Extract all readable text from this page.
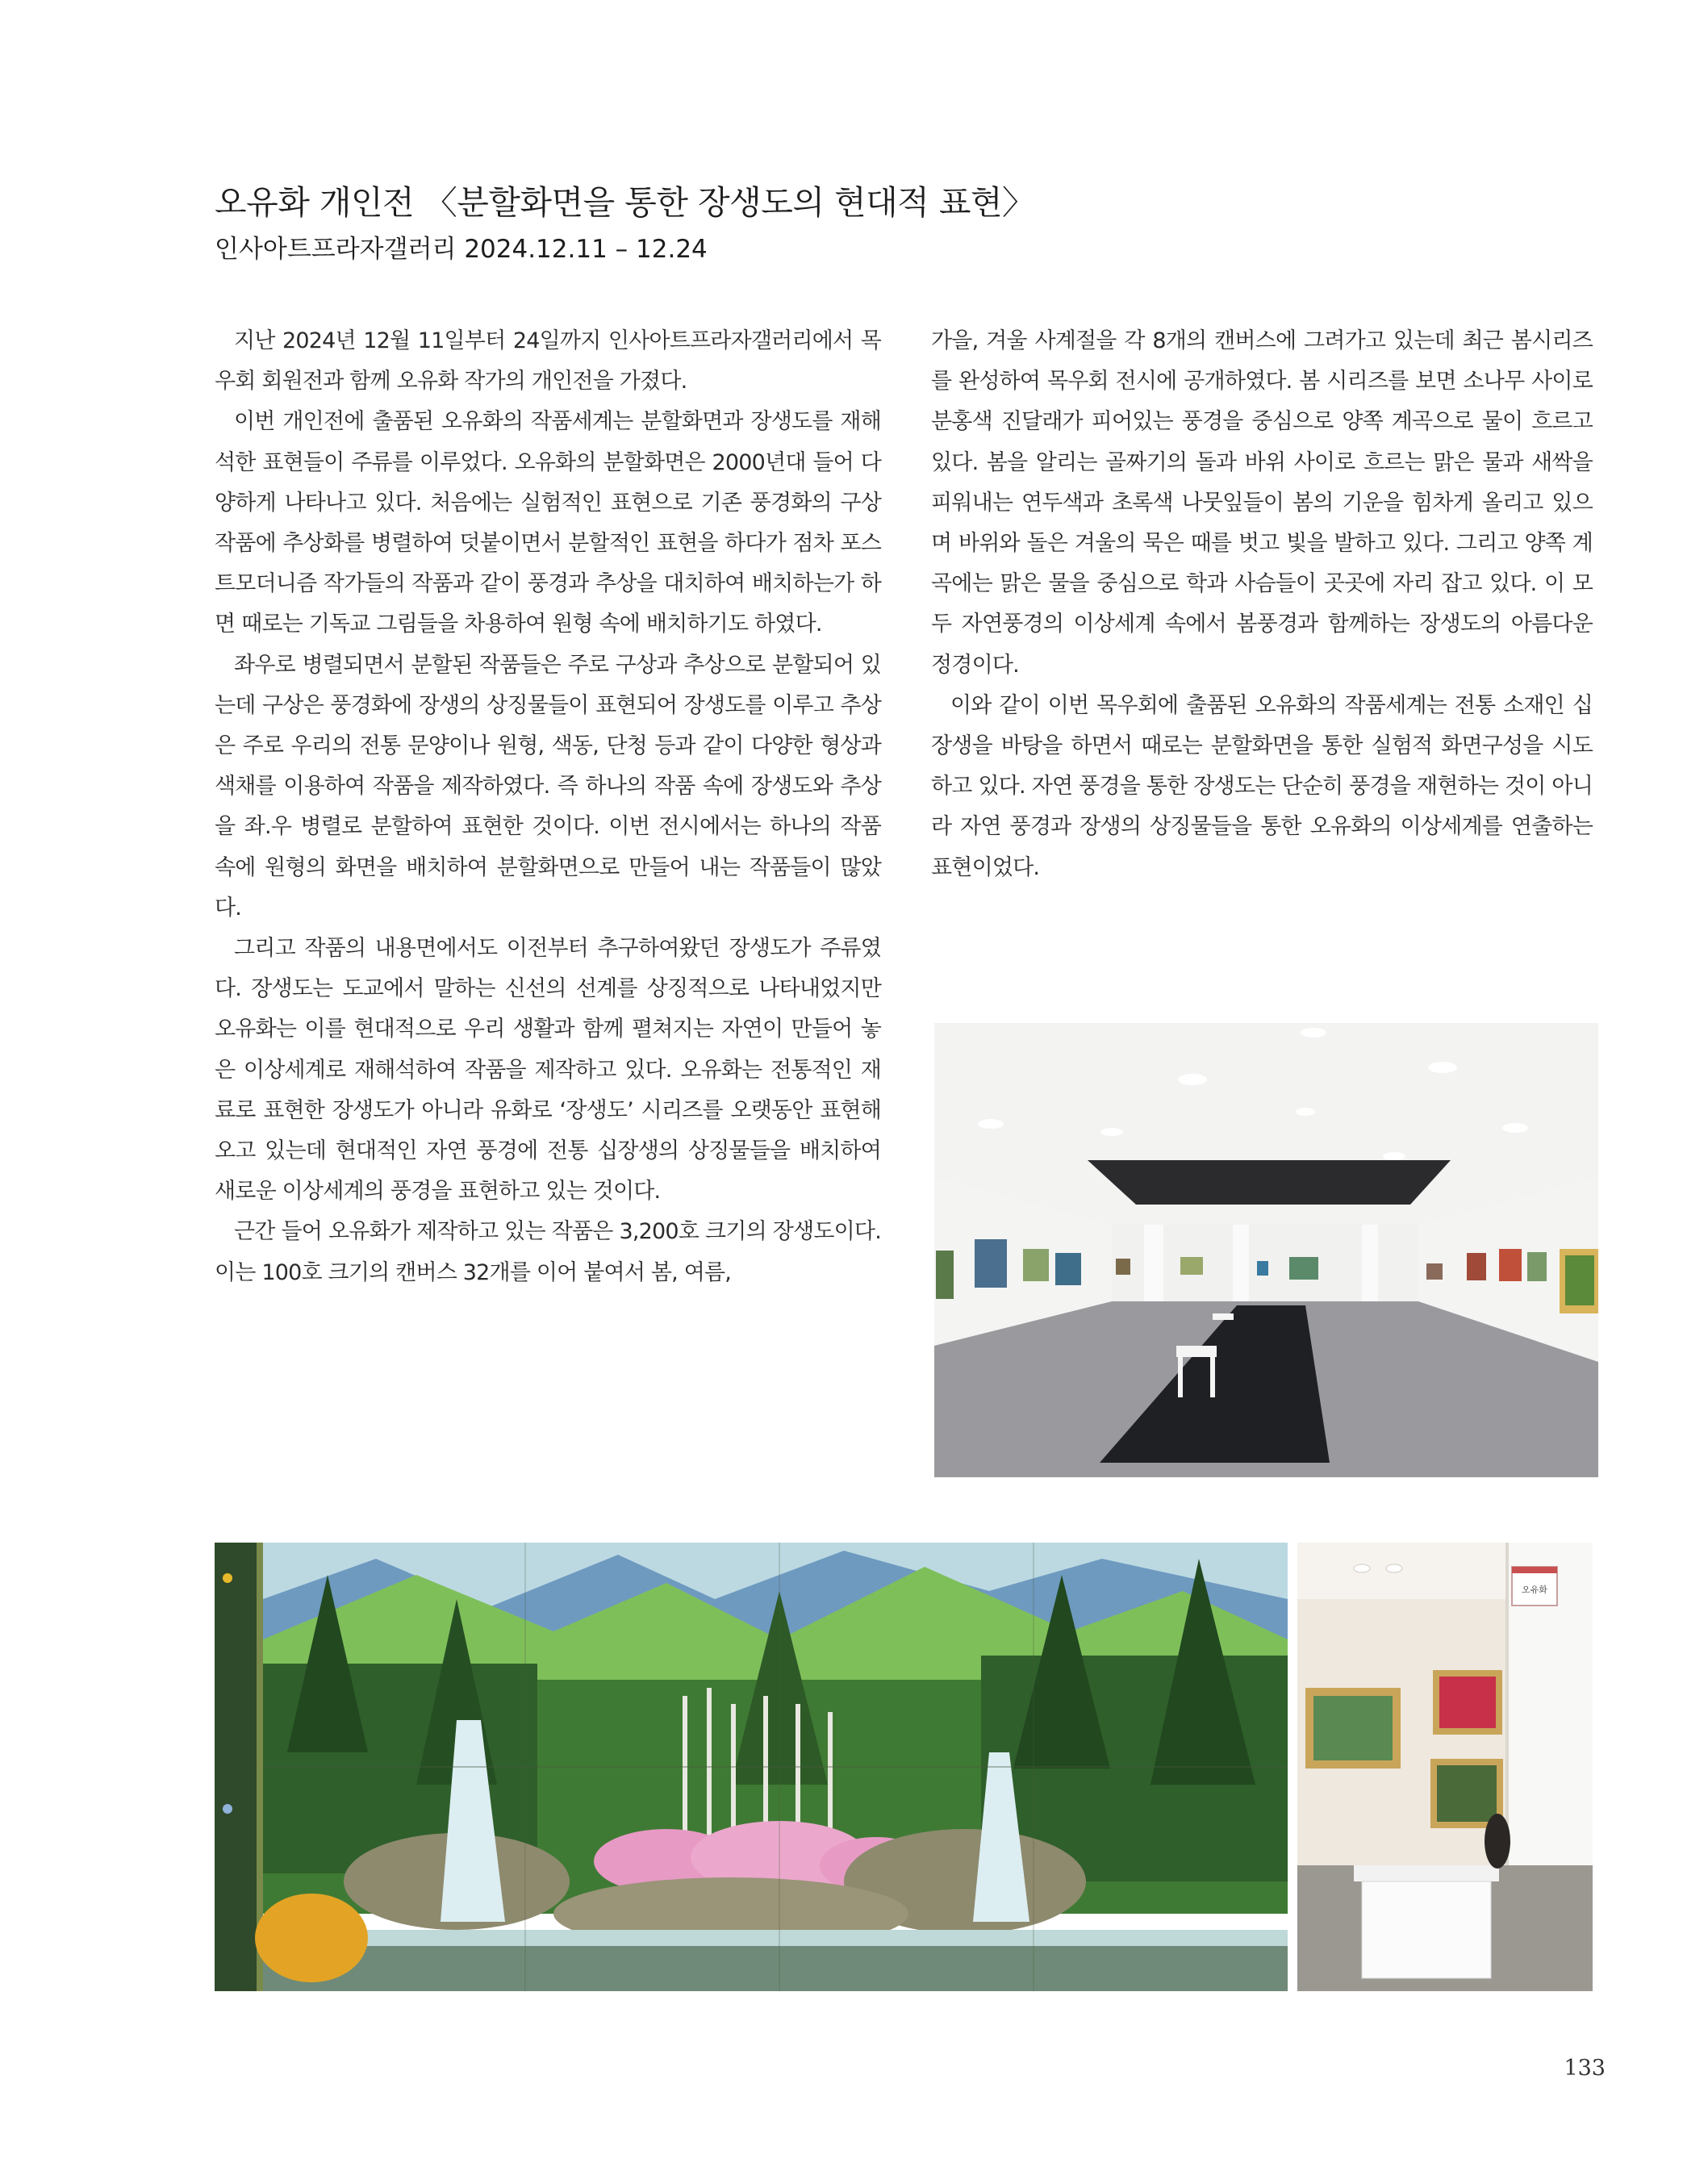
오유화 개인전 〈분할화면을 통한 장생도의 현대적 표현〉
인사아트프라자갤러리 2024.12.11 – 12.24

지난 2024년 12월 11일부터 24일까지 인사아트프라자갤러리에서 목우회 회원전과 함께 오유화 작가의 개인전을 가졌다.

이번 개인전에 출품된 오유화의 작품세계는 분할화면과 장생도를 재해석한 표현들이 주류를 이루었다. 오유화의 분할화면은 2000년대 들어 다양하게 나타나고 있다. 처음에는 실험적인 표현으로 기존 풍경화의 구상작품에 추상화를 병렬하여 덧붙이면서 분할적인 표현을 하다가 점차 포스트모더니즘 작가들의 작품과 같이 풍경과 추상을 대치하여 배치하는가 하면 때로는 기독교 그림들을 차용하여 원형 속에 배치하기도 하였다.

좌우로 병렬되면서 분할된 작품들은 주로 구상과 추상으로 분할되어 있는데 구상은 풍경화에 장생의 상징물들이 표현되어 장생도를 이루고 추상은 주로 우리의 전통 문양이나 원형, 색동, 단청 등과 같이 다양한 형상과 색채를 이용하여 작품을 제작하였다. 즉 하나의 작품 속에 장생도와 추상을 좌.우 병렬로 분할하여 표현한 것이다. 이번 전시에서는 하나의 작품 속에 원형의 화면을 배치하여 분할화면으로 만들어 내는 작품들이 많았다.

그리고 작품의 내용면에서도 이전부터 추구하여왔던 장생도가 주류였다. 장생도는 도교에서 말하는 신선의 선계를 상징적으로 나타내었지만 오유화는 이를 현대적으로 우리 생활과 함께 펼쳐지는 자연이 만들어 놓은 이상세계로 재해석하여 작품을 제작하고 있다. 오유화는 전통적인 재료로 표현한 장생도가 아니라 유화로 ‘장생도’ 시리즈를 오랫동안 표현해 오고 있는데 현대적인 자연 풍경에 전통 십장생의 상징물들을 배치하여 새로운 이상세계의 풍경을 표현하고 있는 것이다.

근간 들어 오유화가 제작하고 있는 작품은 3,200호 크기의 장생도이다. 이는 100호 크기의 캔버스 32개를 이어 붙여서 봄, 여름,

가을, 겨울 사계절을 각 8개의 캔버스에 그려가고 있는데 최근 봄시리즈를 완성하여 목우회 전시에 공개하였다. 봄 시리즈를 보면 소나무 사이로 분홍색 진달래가 피어있는 풍경을 중심으로 양쪽 계곡으로 물이 흐르고 있다. 봄을 알리는 골짜기의 돌과 바위 사이로 흐르는 맑은 물과 새싹을 피워내는 연두색과 초록색 나뭇잎들이 봄의 기운을 힘차게 올리고 있으며 바위와 돌은 겨울의 묵은 때를 벗고 빛을 발하고 있다. 그리고 양쪽 계곡에는 맑은 물을 중심으로 학과 사슴들이 곳곳에 자리 잡고 있다. 이 모두 자연풍경의 이상세계 속에서 봄풍경과 함께하는 장생도의 아름다운 정경이다.

이와 같이 이번 목우회에 출품된 오유화의 작품세계는 전통 소재인 십장생을 바탕을 하면서 때로는 분할화면을 통한 실험적 화면구성을 시도하고 있다. 자연 풍경을 통한 장생도는 단순히 풍경을 재현하는 것이 아니라 자연 풍경과 장생의 상징물들을 통한 오유화의 이상세계를 연출하는 표현이었다.

오유화
133
